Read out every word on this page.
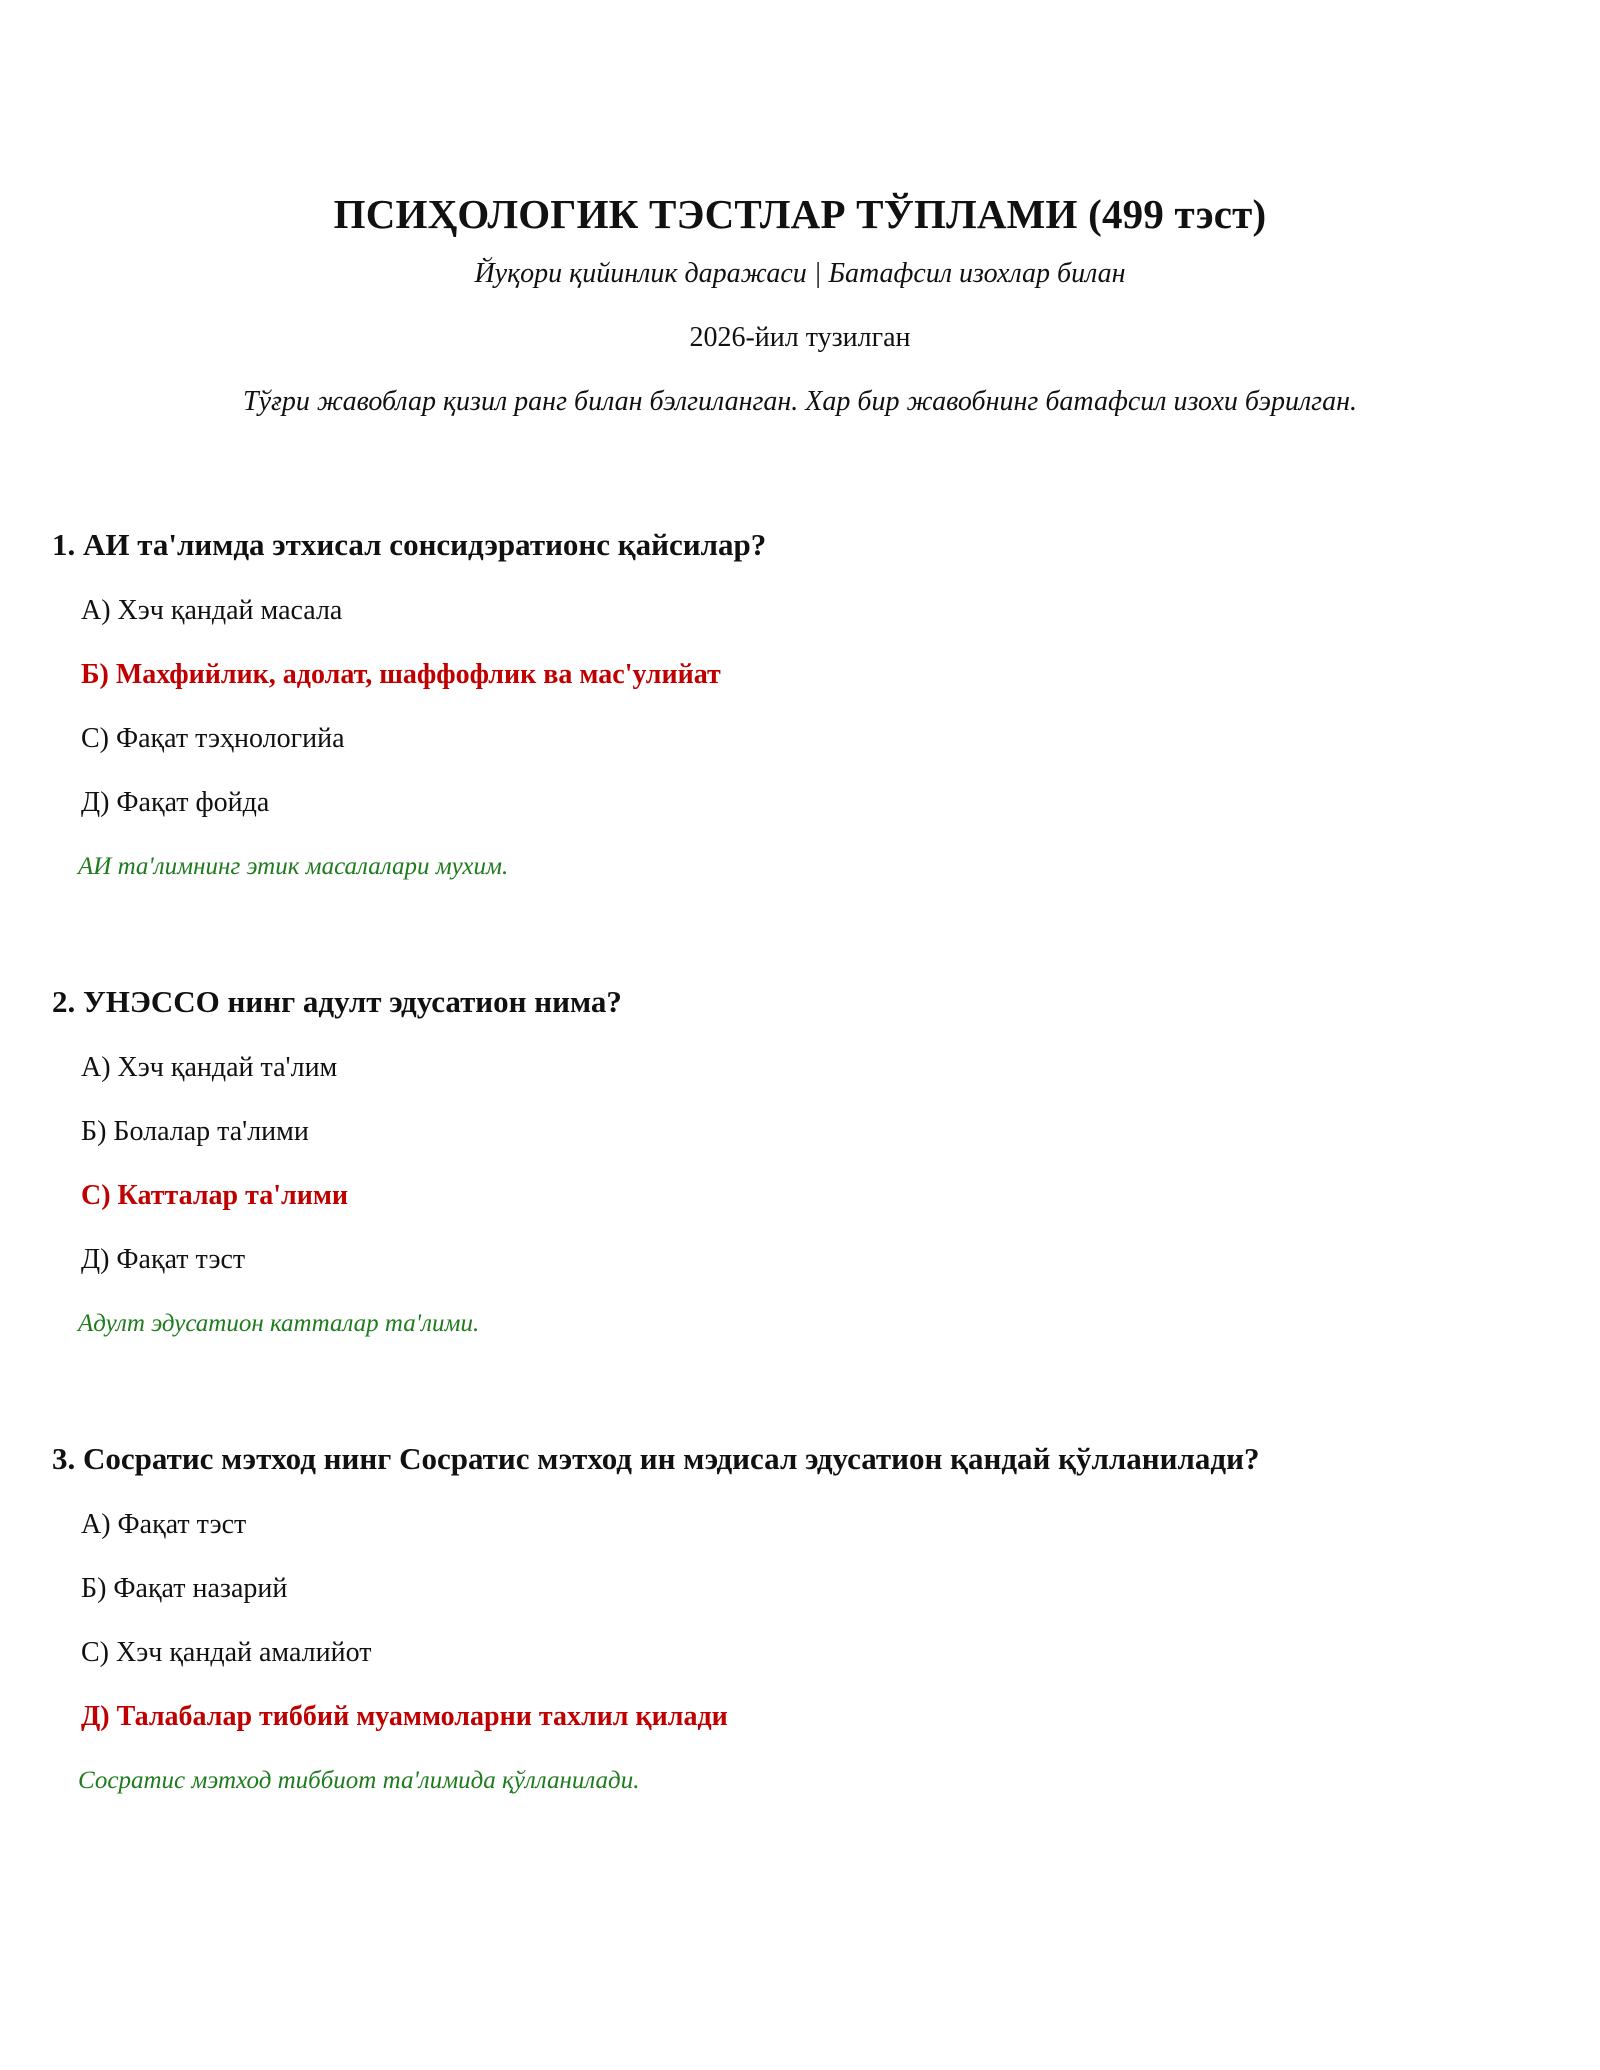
ПСИҲОЛОГИК ТЭСТЛАР ТЎПЛАМИ (499 тэст)

Йуқори қийинлик даражаси | Батафсил изохлар билан

2026-йил тузилган

Тўғри жавоблар қизил ранг билан бэлгиланган. Хар бир жавобнинг батафсил изохи бэрилган.

1. АИ та'лимда этхисал сонсидэратионс қайсилар?

А) Хэч қандай масала

Б) Махфийлик, адолат, шаффофлик ва мас'улийат

С) Фақат тэҳнологийа

Д) Фақат фойда

АИ та'лимнинг этик масалалари мухим.

2. УНЭССО нинг адулт эдусатион нима?

А) Хэч қандай та'лим

Б) Болалар та'лими

С) Катталар та'лими

Д) Фақат тэст

Адулт эдусатион катталар та'лими.

3. Сосратис мэтход нинг Сосратис мэтход ин мэдисал эдусатион қандай қўлланилади?

А) Фақат тэст

Б) Фақат назарий

С) Хэч қандай амалийот

Д) Талабалар тиббий муаммоларни тахлил қилади

Сосратис мэтход тиббиот та'лимида қўлланилади.
